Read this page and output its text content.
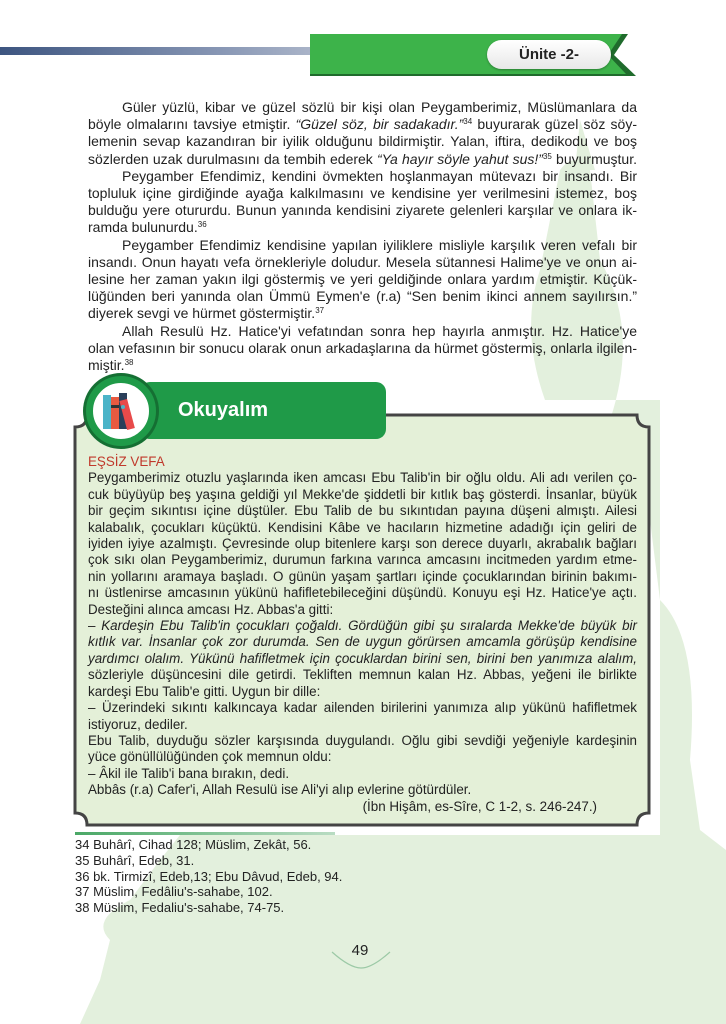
Ünite -2-
Güler yüzlü, kibar ve güzel sözlü bir kişi olan Peygamberimiz, Müslümanlara da
böyle olmalarını tavsiye etmiştir. “Güzel söz, bir sadakadır.”$^{34}$ buyurarak güzel söz söy-
lemenin sevap kazandıran bir iyilik olduğunu bildirmiştir. Yalan, iftira, dedikodu ve boş
sözlerden uzak durulmasını da tembih ederek “Ya hayır söyle yahut sus!”$^{35}$ buyurmuştur.
Peygamber Efendimiz, kendini övmekten hoşlanmayan mütevazı bir insandı. Bir
topluluk içine girdiğinde ayağa kalkılmasını ve kendisine yer verilmesini istemez, boş
bulduğu yere otururdu. Bunun yanında kendisini ziyarete gelenleri karşılar ve onlara ik-
ramda bulunurdu.$^{36}$
Peygamber Efendimiz kendisine yapılan iyiliklere misliyle karşılık veren vefalı bir
insandı. Onun hayatı vefa örnekleriyle doludur. Mesela sütannesi Halime'ye ve onun ai-
lesine her zaman yakın ilgi göstermiş ve yeri geldiğinde onlara yardım etmiştir. Küçük-
lüğünden beri yanında olan Ümmü Eymen'e (r.a) “Sen benim ikinci annem sayılırsın.”
diyerek sevgi ve hürmet göstermiştir.$^{37}$
Allah Resulü Hz. Hatice'yi vefatından sonra hep hayırla anmıştır. Hz. Hatice'ye
olan vefasının bir sonucu olarak onun arkadaşlarına da hürmet göstermiş, onlarla ilgilen-
miştir.$^{38}$
Okuyalım
EŞSİZ VEFA
Peygamberimiz otuzlu yaşlarında iken amcası Ebu Talib'in bir oğlu oldu. Ali adı verilen ço-
cuk büyüyüp beş yaşına geldiği yıl Mekke'de şiddetli bir kıtlık baş gösterdi. İnsanlar, büyük
bir geçim sıkıntısı içine düştüler. Ebu Talib de bu sıkıntıdan payına düşeni almıştı. Ailesi
kalabalık, çocukları küçüktü. Kendisini Kâbe ve hacıların hizmetine adadığı için geliri de
iyiden iyiye azalmıştı. Çevresinde olup bitenlere karşı son derece duyarlı, akrabalık bağları
çok sıkı olan Peygamberimiz, durumun farkına varınca amcasını incitmeden yardım etme-
nin yollarını aramaya başladı. O günün yaşam şartları içinde çocuklarından birinin bakımı-
nı üstlenirse amcasının yükünü hafifletebileceğini düşündü. Konuyu eşi Hz. Hatice'ye açtı.
Desteğini alınca amcası Hz. Abbas'a gitti:
– Kardeşin Ebu Talib'in çocukları çoğaldı. Gördüğün gibi şu sıralarda Mekke'de büyük bir
kıtlık var. İnsanlar çok zor durumda. Sen de uygun görürsen amcamla görüşüp kendisine
yardımcı olalım. Yükünü hafifletmek için çocuklardan birini sen, birini ben yanımıza alalım,
sözleriyle düşüncesini dile getirdi. Tekliften memnun kalan Hz. Abbas, yeğeni ile birlikte
kardeşi Ebu Talib'e gitti. Uygun bir dille:
– Üzerindeki sıkıntı kalkıncaya kadar ailenden birilerini yanımıza alıp yükünü hafifletmek
istiyoruz, dediler.
Ebu Talib, duyduğu sözler karşısında duygulandı. Oğlu gibi sevdiği yeğeniyle kardeşinin
yüce gönüllülüğünden çok memnun oldu:
– Âkil ile Talib'i bana bırakın, dedi.
Abbâs (r.a) Cafer'i, Allah Resulü ise Ali'yi alıp evlerine götürdüler.
(İbn Hişâm, es-Sîre, C 1-2, s. 246-247.)
34 Buhârî, Cihad 128; Müslim, Zekât, 56.
35 Buhârî, Edeb, 31.
36 bk. Tirmizî, Edeb,13; Ebu Dâvud, Edeb, 94.
37 Müslim, Fedâliu's-sahabe, 102.
38 Müslim, Fedaliu's-sahabe, 74-75.
49
